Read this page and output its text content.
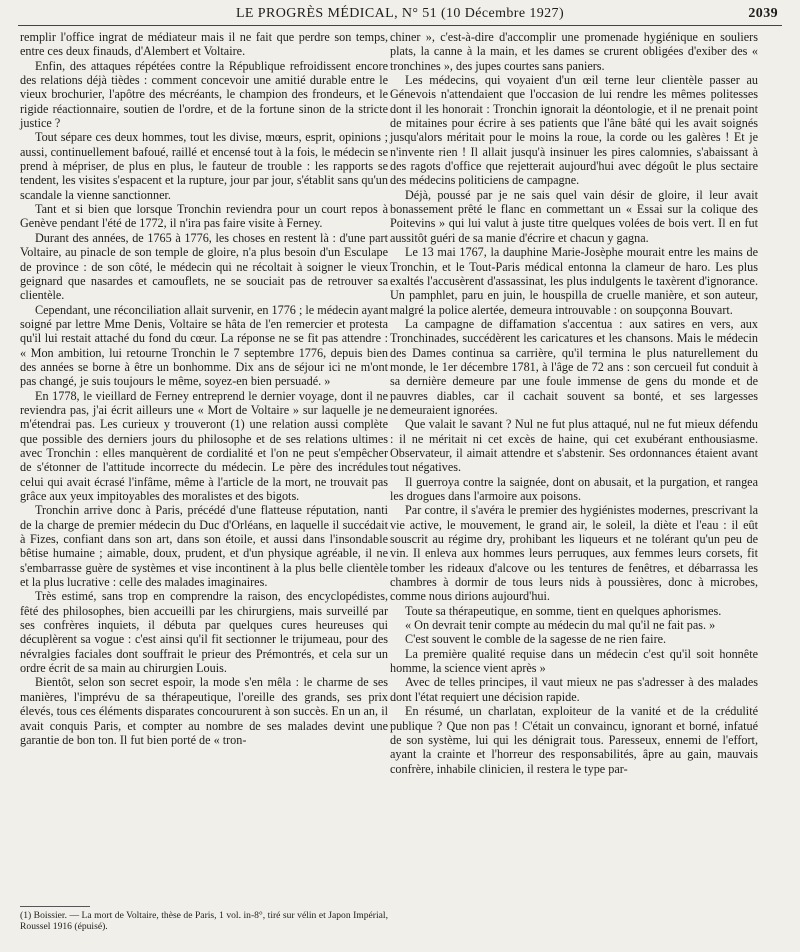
LE PROGRÈS MÉDICAL, N° 51 (10 Décembre 1927)	2039

remplir l'office ingrat de médiateur mais il ne fait que perdre son temps, entre ces deux finauds, d'Alembert et Voltaire.

Enfin, des attaques répétées contre la République refroidissent encore des relations déjà tièdes : comment concevoir une amitié durable entre le vieux brochurier, l'apôtre des mécréants, le champion des frondeurs, et le rigide réactionnaire, soutien de l'ordre, et de la fortune sinon de la stricte justice ?

Tout sépare ces deux hommes, tout les divise, mœurs, esprit, opinions ; aussi, continuellement bafoué, raillé et encensé tout à la fois, le médecin se prend à mépriser, de plus en plus, le fauteur de trouble : les rapports se tendent, les visites s'espacent et la rupture, jour par jour, s'établit sans qu'un scandale la vienne sanctionner.

Tant et si bien que lorsque Tronchin reviendra pour un court repos à Genève pendant l'été de 1772, il n'ira pas faire visite à Ferney.

Durant des années, de 1765 à 1776, les choses en restent là : d'une part Voltaire, au pinacle de son temple de gloire, n'a plus besoin d'un Esculape de province : de son côté, le médecin qui ne récoltait à soigner le vieux geignard que nasardes et camouflets, ne se souciait pas de retrouver sa clientèle.

Cependant, une réconciliation allait survenir, en 1776 ; le médecin ayant soigné par lettre Mme Denis, Voltaire se hâta de l'en remercier et protesta qu'il lui restait attaché du fond du cœur. La réponse ne se fit pas attendre : « Mon ambition, lui retourne Tronchin le 7 septembre 1776, depuis bien des années se borne à être un bonhomme. Dix ans de séjour ici ne m'ont pas changé, je suis toujours le même, soyez-en bien persuadé. »

En 1778, le vieillard de Ferney entreprend le dernier voyage, dont il ne reviendra pas, j'ai écrit ailleurs une « Mort de Voltaire » sur laquelle je ne m'étendrai pas. Les curieux y trouveront (1) une relation aussi complète que possible des derniers jours du philosophe et de ses relations ultimes avec Tronchin : elles manquèrent de cordialité et l'on ne peut s'empêcher de s'étonner de l'attitude incorrecte du médecin. Le père des incrédules celui qui avait écrasé l'infâme, même à l'article de la mort, ne trouvait pas grâce aux yeux impitoyables des moralistes et des bigots.

Tronchin arrive donc à Paris, précédé d'une flatteuse réputation, nanti de la charge de premier médecin du Duc d'Orléans, en laquelle il succédait à Fizes, confiant dans son art, dans son étoile, et aussi dans l'insondable bêtise humaine ; aimable, doux, prudent, et d'un physique agréable, il ne s'embarrasse guère de systèmes et vise incontinent à la plus belle clientèle et la plus lucrative : celle des malades imaginaires.

Très estimé, sans trop en comprendre la raison, des encyclopédistes, fêté des philosophes, bien accueilli par les chirurgiens, mais surveillé par ses confrères inquiets, il débuta par quelques cures heureuses qui décuplèrent sa vogue : c'est ainsi qu'il fit sectionner le trijumeau, pour des névralgies faciales dont souffrait le prieur des Prémontrés, et cela sur un ordre écrit de sa main au chirurgien Louis.

Bientôt, selon son secret espoir, la mode s'en mêla : le charme de ses manières, l'imprévu de sa thérapeutique, l'oreille des grands, ses prix élevés, tous ces éléments disparates concoururent à son succès. En un an, il avait conquis Paris, et compter au nombre de ses malades devint une garantie de bon ton. Il fut bien porté de « tron-

chiner », c'est-à-dire d'accomplir une promenade hygiénique en souliers plats, la canne à la main, et les dames se crurent obligées d'exiber des « tronchines », des jupes courtes sans paniers.

Les médecins, qui voyaient d'un œil terne leur clientèle passer au Génevois n'attendaient que l'occasion de lui rendre les mêmes politesses dont il les honorait : Tronchin ignorait la déontologie, et il ne prenait point de mitaines pour écrire à ses patients que l'âne bâté qui les avait soignés jusqu'alors méritait pour le moins la roue, la corde ou les galères ! Et je n'invente rien ! Il allait jusqu'à insinuer les pires calomnies, s'abaissant à des ragots d'office que rejetterait aujourd'hui avec dégoût le plus sectaire des médecins politiciens de campagne.

Déjà, poussé par je ne sais quel vain désir de gloire, il leur avait bonassement prêté le flanc en commettant un « Essai sur la colique des Poitevins » qui lui valut à juste titre quelques volées de bois vert. Il en fut aussitôt guéri de sa manie d'écrire et chacun y gagna.

Le 13 mai 1767, la dauphine Marie-Josèphe mourait entre les mains de Tronchin, et le Tout-Paris médical entonna la clameur de haro. Les plus exaltés l'accusèrent d'assassinat, les plus indulgents le taxèrent d'ignorance. Un pamphlet, paru en juin, le houspilla de cruelle manière, et son auteur, malgré la police alertée, demeura introuvable : on soupçonna Bouvart.

La campagne de diffamation s'accentua : aux satires en vers, aux Tronchinades, succédèrent les caricatures et les chansons. Mais le médecin des Dames continua sa carrière, qu'il termina le plus naturellement du monde, le 1er décembre 1781, à l'âge de 72 ans : son cercueil fut conduit à sa dernière demeure par une foule immense de gens du monde et de pauvres diables, car il cachait souvent sa bonté, et ses largesses demeuraient ignorées.

Que valait le savant ? Nul ne fut plus attaqué, nul ne fut mieux défendu : il ne méritait ni cet excès de haine, qui cet exubérant enthousiasme. Observateur, il aimait attendre et s'abstenir. Ses ordonnances étaient avant tout négatives.

Il guerroya contre la saignée, dont on abusait, et la purgation, et rangea les drogues dans l'armoire aux poisons.

Par contre, il s'avéra le premier des hygiénistes modernes, prescrivant la vie active, le mouvement, le grand air, le soleil, la diète et l'eau : il eût souscrit au régime dry, prohibant les liqueurs et ne tolérant qu'un peu de vin. Il enleva aux hommes leurs perruques, aux femmes leurs corsets, fit tomber les rideaux d'alcove ou les tentures de fenêtres, et débarrassa les chambres à dormir de tous leurs nids à poussières, donc à microbes, comme nous dirions aujourd'hui.

Toute sa thérapeutique, en somme, tient en quelques aphorismes.

« On devrait tenir compte au médecin du mal qu'il ne fait pas. »

C'est souvent le comble de la sagesse de ne rien faire.

La première qualité requise dans un médecin c'est qu'il soit honnête homme, la science vient après »

Avec de telles principes, il vaut mieux ne pas s'adresser à des malades dont l'état requiert une décision rapide.

En résumé, un charlatan, exploiteur de la vanité et de la crédulité publique ? Que non pas ! C'était un convaincu, ignorant et borné, infatué de son système, lui qui les dénigrait tous. Paresseux, ennemi de l'effort, ayant la crainte et l'horreur des responsabilités, âpre au gain, mauvais confrère, inhabile clinicien, il restera le type par-

(1) Boissier. — La mort de Voltaire, thèse de Paris, 1 vol. in-8°, tiré sur vélin et Japon Impérial, Roussel 1916 (épuisé).
